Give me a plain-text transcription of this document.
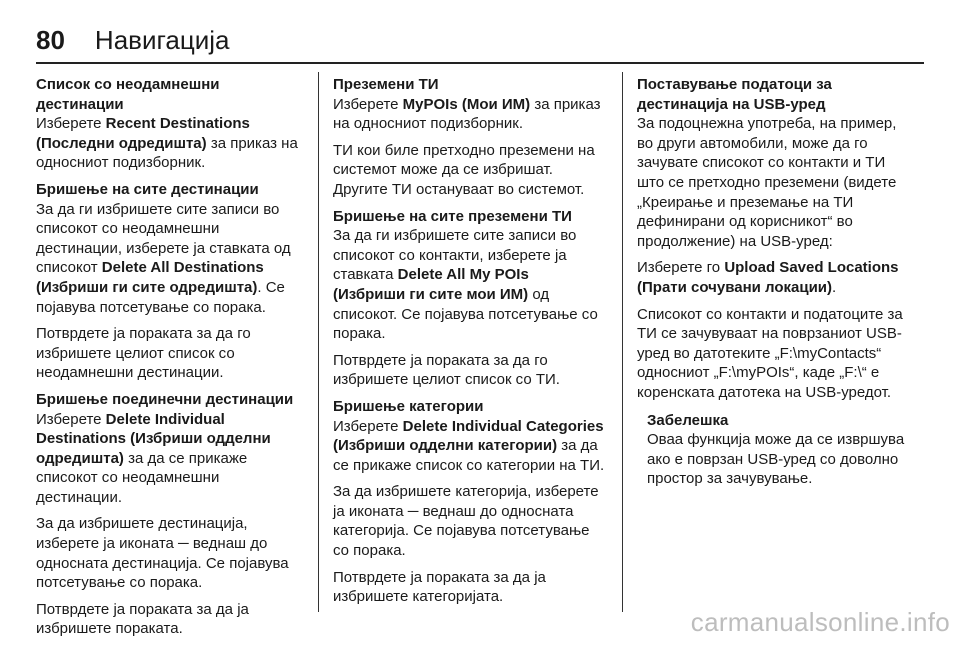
80 Навигација
Список со неодамнешни дестинации
Изберете Recent Destinations (Последни одредишта) за приказ на односниот подизборник.
Бришење на сите дестинации
За да ги избришете сите записи во списокот со неодамнешни дестинации, изберете ја ставката од списокот Delete All Destinations (Избриши ги сите одредишта). Се појавува потсетување со порака.

Потврдете ја пораката за да го избришете целиот список со неодамнешни дестинации.

Бришење поединечни дестинации
Изберете Delete Individual Destinations (Избриши одделни одредишта) за да се прикаже списокот со неодамнешни дестинации.

За да избришете дестинација, изберете ја иконата ─ веднаш до односната дестинација. Се појавува потсетување со порака.

Потврдете ја пораката за да ја избришете пораката.

Преземени ТИ
Изберете MyPOIs (Мои ИМ) за приказ на односниот подизборник.

ТИ кои биле претходно преземени на системот може да се избришат. Другите ТИ остануваат во системот.

Бришење на сите преземени ТИ
За да ги избришете сите записи во списокот со контакти, изберете ја ставката Delete All My POIs (Избриши ги сите мои ИМ) од списокот. Се појавува потсетување со порака.

Потврдете ја пораката за да го избришете целиот список со ТИ.

Бришење категории
Изберете Delete Individual Categories (Избриши одделни категории) за да се прикаже список со категории на ТИ.

За да избришете категорија, изберете ја иконата ─ веднаш до односната категорија. Се појавува потсетување со порака.

Потврдете ја пораката за да ја избришете категоријата.

Поставување податоци за дестинација на USB-уред
За подоцнежна употреба, на пример, во други автомобили, може да го зачувате списокот со контакти и ТИ што се претходно преземени (видете „Креирање и преземање на ТИ дефинирани од корисникот“ во продолжение) на USB-уред:

Изберете го Upload Saved Locations (Прати сочувани локации).

Списокот со контакти и податоците за ТИ се зачувуваат на поврзаниот USB-уред во датотеките „F:\myContacts“ односниот „F:\myPOIs“, каде „F:\“ е коренската датотека на USB-уредот.

Забелешка
Оваа функција може да се извршува ако е поврзан USB-уред со доволно простор за зачувување.
carmanualsonline.info
